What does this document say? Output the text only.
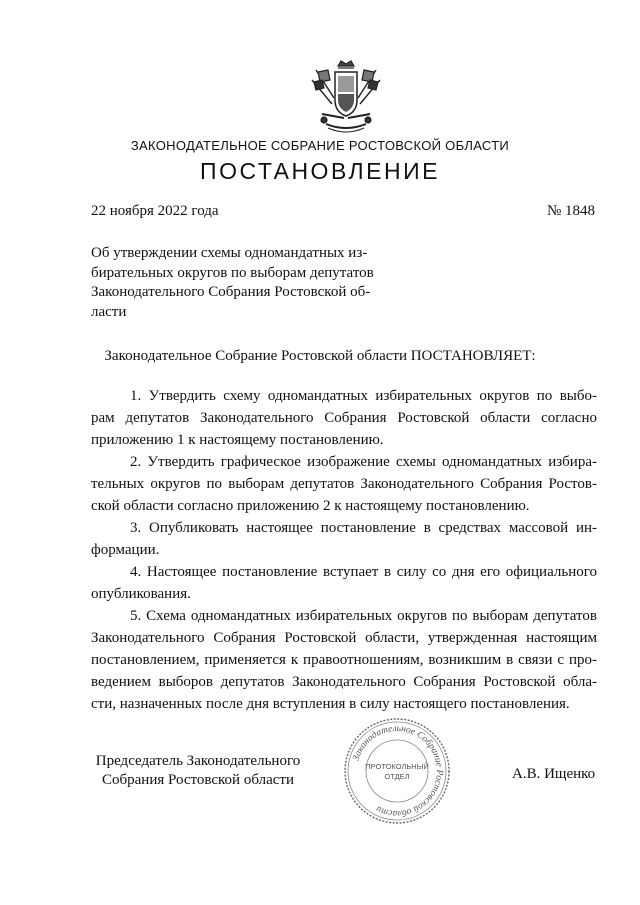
ЗАКОНОДАТЕЛЬНОЕ СОБРАНИЕ РОСТОВСКОЙ ОБЛАСТИ
ПОСТАНОВЛЕНИЕ
22 ноября 2022 года	№ 1848
Об утверждении схемы одномандатных из-
бирательных округов по выборам депутатов
Законодательного Собрания Ростовской об-
ласти
Законодательное Собрание Ростовской области ПОСТАНОВЛЯЕТ:
1. Утвердить схему одномандатных избирательных округов по выбо-
рам депутатов Законодательного Собрания Ростовской области согласно
приложению 1 к настоящему постановлению.
2. Утвердить графическое изображение схемы одномандатных избира-
тельных округов по выборам депутатов Законодательного Собрания Ростов-
ской области согласно приложению 2 к настоящему постановлению.
3. Опубликовать настоящее постановление в средствах массовой ин-
формации.
4. Настоящее постановление вступает в силу со дня его официального
опубликования.
5. Схема одномандатных избирательных округов по выборам депутатов
Законодательного Собрания Ростовской области, утвержденная настоящим
постановлением, применяется к правоотношениям, возникшим в связи с про-
ведением выборов депутатов Законодательного Собрания Ростовской обла-
сти, назначенных после дня вступления в силу настоящего постановления.
Председатель Законодательного
Собрания Ростовской области
Законодательное Собрание Ростовской области
ПРОТОКОЛЬНЫЙ
ОТДЕЛ	А.В. Ищенко
